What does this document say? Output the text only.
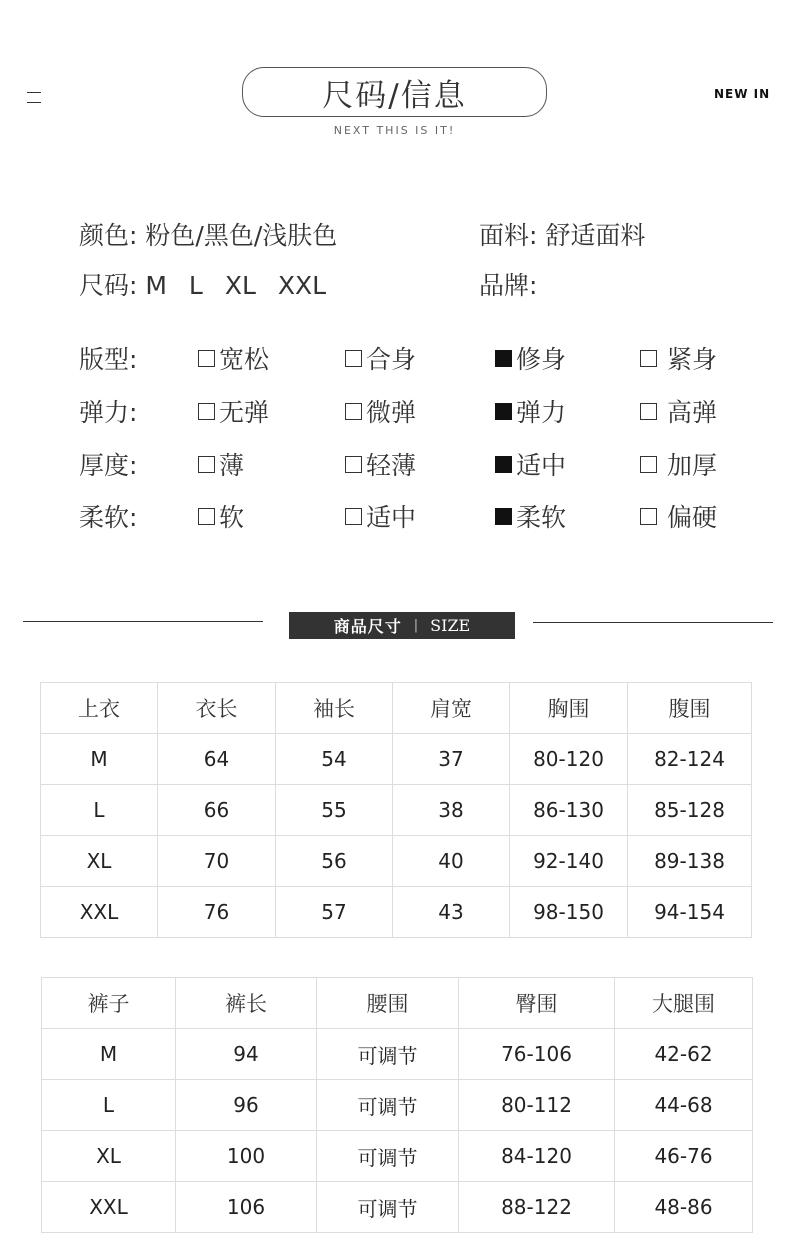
尺码/信息
NEXT THIS IS IT!
NEW IN
颜色: 粉色/黑色/浅肤色	面料: 舒适面料
尺码: M L XL XXL	品牌:
版型:	宽松	合身	修身	紧身
弹力:	无弹	微弹	弹力	高弹
厚度:	薄	轻薄	适中	加厚
柔软:	软	适中	柔软	偏硬
商品尺寸 | SIZE
上衣	衣长	袖长	肩宽	胸围	腹围
M	64	54	37	80-120	82-124
L	66	55	38	86-130	85-128
XL	70	56	40	92-140	89-138
XXL	76	57	43	98-150	94-154
裤子	裤长	腰围	臀围	大腿围
M	94	可调节	76-106	42-62
L	96	可调节	80-112	44-68
XL	100	可调节	84-120	46-76
XXL	106	可调节	88-122	48-86
